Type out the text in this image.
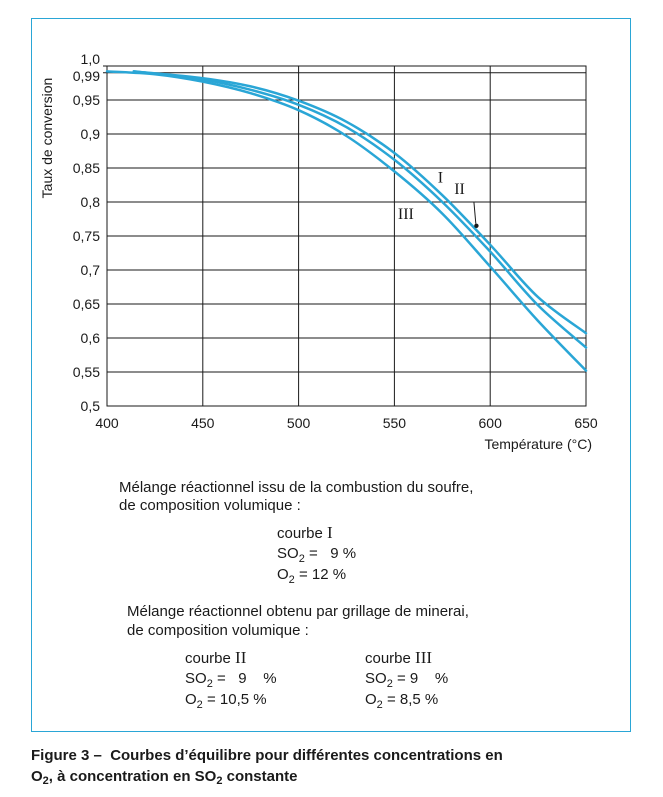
400	450	500	550	600	650
0,5
0,55
0,6
0,65
0,7
0,75
0,8
0,85
0,9
0,95
0,99
1,0
I
II
III
Taux de conversion
Température (°C)
Mélange réactionnel issu de la combustion du soufre,
de composition volumique :
courbe I
$SO_2 = 9$ %
$O_2 = 12$ %
Mélange réactionnel obtenu par grillage de minerai,
de composition volumique :
courbe II
$SO_2 = 9$    %
$O_2 = 10,5$ %
courbe III
$SO_2 = 9$    %
$O_2 = 8,5$ %
Figure 3 –  Courbes d’équilibre pour différentes concentrations en
$O_2$, à concentration en $SO_2$ constante
